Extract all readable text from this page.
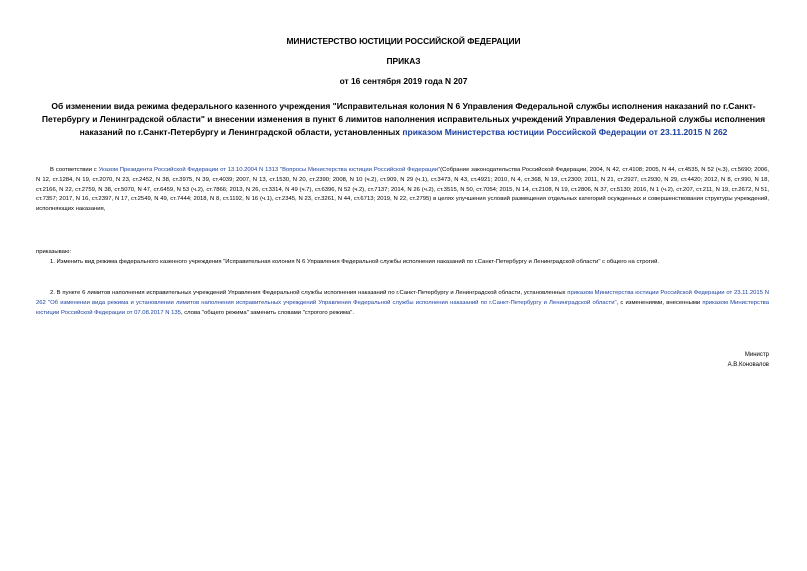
МИНИСТЕРСТВО ЮСТИЦИИ РОССИЙСКОЙ ФЕДЕРАЦИИ
ПРИКАЗ
от 16 сентября 2019 года N 207
Об изменении вида режима федерального казенного учреждения "Исправительная колония N 6 Управления Федеральной службы исполнения наказаний по г.Санкт-Петербургу и Ленинградской области" и внесении изменения в пункт 6 лимитов наполнения исправительных учреждений Управления Федеральной службы исполнения наказаний по г.Санкт-Петербургу и Ленинградской области, установленных приказом Министерства юстиции Российской Федерации от 23.11.2015 N 262
В соответствии с Указом Президента Российской Федерации от 13.10.2004 N 1313 "Вопросы Министерства юстиции Российской Федерации"(Собрание законодательства Российской Федерации, 2004, N 42, ст.4108; 2005, N 44, ст.4535, N 52 (ч.3), ст.5690; 2006, N 12, ст.1284, N 19, ст.2070, N 23, ст.2452, N 38, ст.3975, N 39, ст.4039; 2007, N 13, ст.1530, N 20, ст.2390; 2008, N 10 (ч.2), ст.909, N 29 (ч.1), ст.3473, N 43, ст.4921; 2010, N 4, ст.368, N 19, ст.2300; 2011, N 21, ст.2927, ст.2930, N 29, ст.4420; 2012, N 8, ст.990, N 18, ст.2166, N 22, ст.2759, N 38, ст.5070, N 47, ст.6459, N 53 (ч.2), ст.7866; 2013, N 26, ст.3314, N 49 (ч.7), ст.6396, N 52 (ч.2), ст.7137; 2014, N 26 (ч.2), ст.3515, N 50, ст.7054; 2015, N 14, ст.2108, N 19, ст.2806, N 37, ст.5130; 2016, N 1 (ч.2), ст.207, ст.211, N 19, ст.2672, N 51, ст.7357; 2017, N 16, ст.2397, N 17, ст.2549, N 49, ст.7444; 2018, N 8, ст.1192, N 16 (ч.1), ст.2345, N 23, ст.3261, N 44, ст.6713; 2019, N 22, ст.2795) в целях улучшения условий размещения отдельных категорий осужденных и совершенствования структуры учреждений, исполняющих наказания,
приказываю:
1. Изменить вид режима федерального казенного учреждения "Исправительная колония N 6 Управления Федеральной службы исполнения наказаний по г.Санкт-Петербургу и Ленинградской области" с общего на строгий.
2. В пункте 6 лимитов наполнения исправительных учреждений Управления Федеральной службы исполнения наказаний по г.Санкт-Петербургу и Ленинградской области, установленных приказом Министерства юстиции Российской Федерации от 23.11.2015 N 262 "Об изменении вида режима и установлении лимитов наполнения исправительных учреждений Управления Федеральной службы исполнения наказаний по г.Санкт-Петербургу и Ленинградской области", с изменениями, внесенными приказом Министерства юстиции Российской Федерации от 07.08.2017 N 135, слова "общего режима" заменить словами "строгого режима".
Министр
А.В.Коновалов
